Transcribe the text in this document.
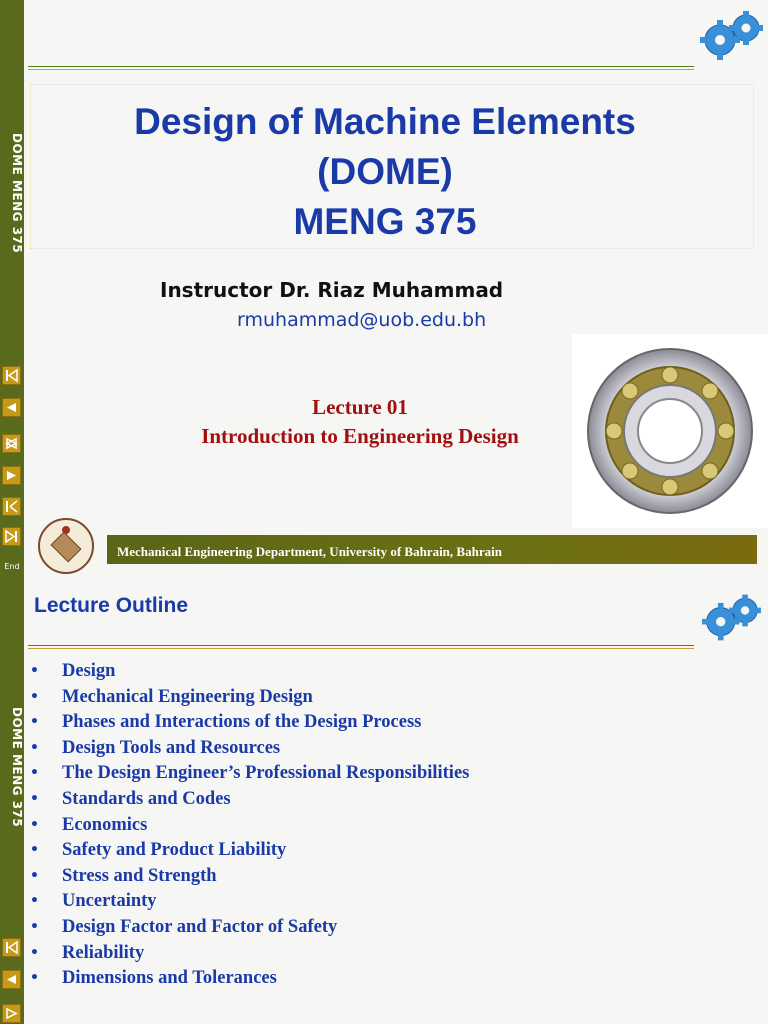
DOME MENG 375
End
Design of Machine Elements
(DOME)
MENG 375
Instructor Dr. Riaz Muhammad
rmuhammad@uob.edu.bh
Lecture 01
Introduction to Engineering Design
Mechanical Engineering Department, University of Bahrain, Bahrain
DOME MENG 375
Lecture Outline
• Design
• Mechanical Engineering Design
• Phases and Interactions of the Design Process
• Design Tools and Resources
• The Design Engineer’s Professional Responsibilities
• Standards and Codes
• Economics
• Safety and Product Liability
• Stress and Strength
• Uncertainty
• Design Factor and Factor of Safety
• Reliability
• Dimensions and Tolerances
